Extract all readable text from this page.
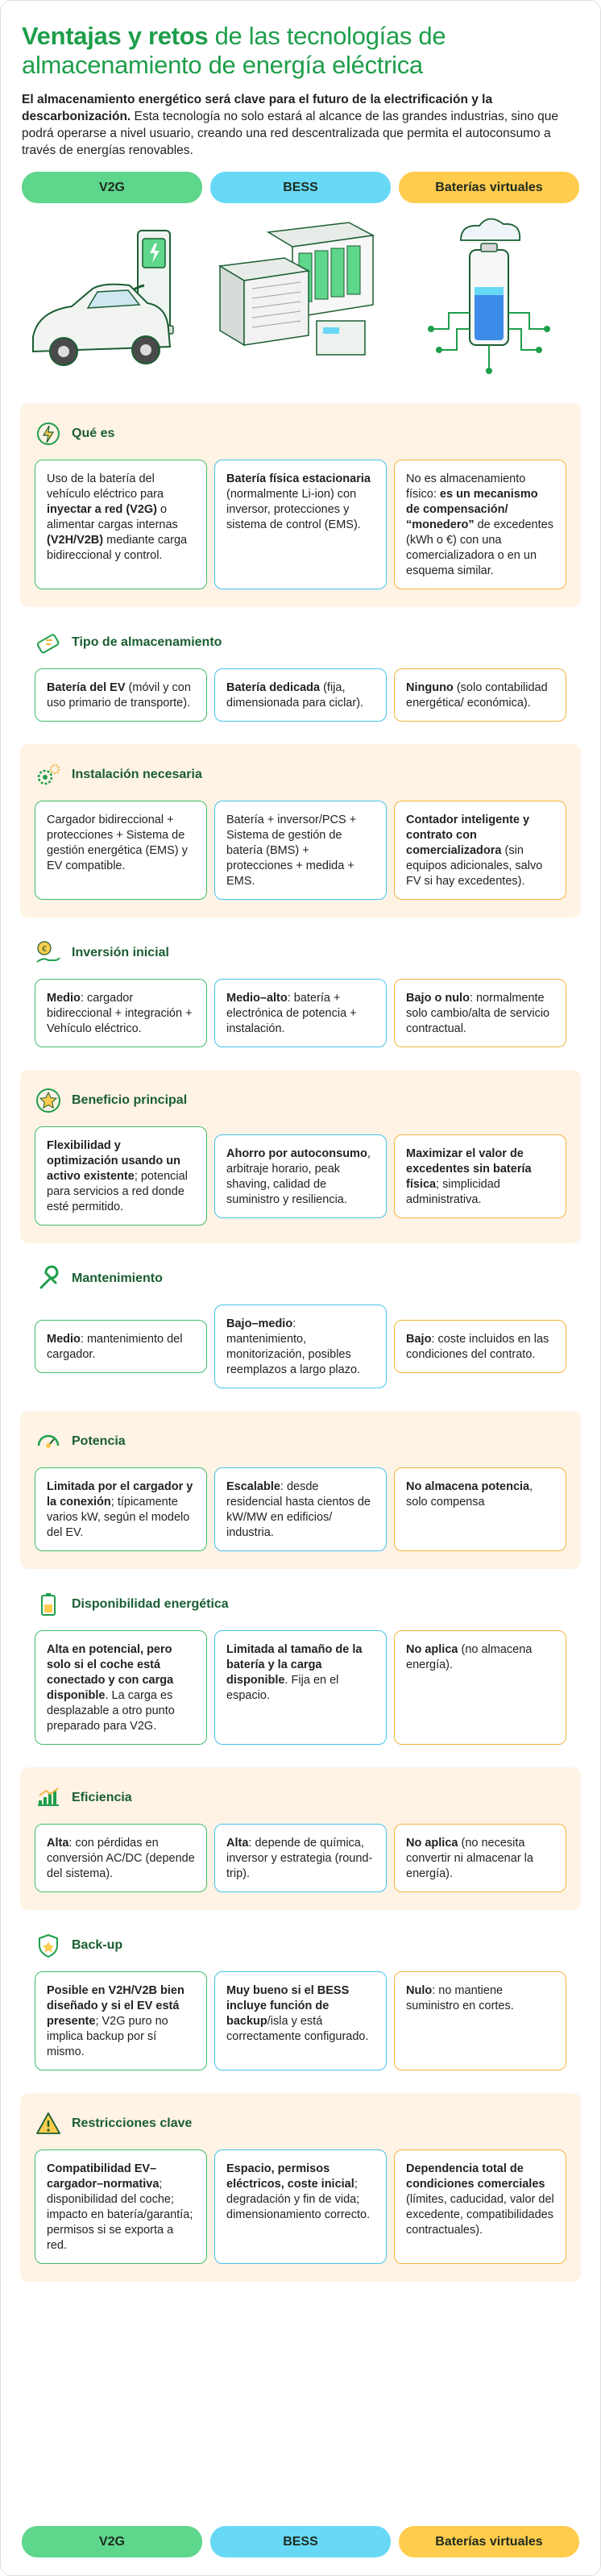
Ventajas y retos de las tecnologías de almacenamiento de energía eléctrica

El almacenamiento energético será clave para el futuro de la electrificación y la descarbonización. Esta tecnología no solo estará al alcance de las grandes industrias, sino que podrá operarse a nivel usuario, creando una red descentralizada que permita el autoconsumo a través de energías renovables.

V2G	BESS	Baterías virtuales
Qué es
Uso de la batería del vehículo eléctrico para inyectar a red (V2G) o alimentar cargas internas (V2H/V2B) mediante carga bidireccional y control.
Batería física estacionaria (normalmente Li-ion) con inversor, protecciones y sistema de control (EMS).
No es almacenamiento físico: es un mecanismo de compensación/ “monedero” de excedentes (kWh o €) con una comercializadora o en un esquema similar.
Tipo de almacenamiento
Batería del EV (móvil y con uso primario de transporte).
Batería dedicada (fija, dimensionada para ciclar).
Ninguno (solo contabilidad energética/ económica).
Instalación necesaria
Cargador bidireccional + protecciones + Sistema de gestión energética (EMS) y EV compatible.
Batería + inversor/PCS + Sistema de gestión de batería (BMS) + protecciones + medida + EMS.
Contador inteligente y contrato con comercializadora (sin equipos adicionales, salvo FV si hay excedentes).
€ Inversión inicial
Medio: cargador bidireccional + integración + Vehículo eléctrico.
Medio–alto: batería + electrónica de potencia + instalación.
Bajo o nulo: normalmente solo cambio/alta de servicio contractual.
Beneficio principal
Flexibilidad y optimización usando un activo existente; potencial para servicios a red donde esté permitido.
Ahorro por autoconsumo, arbitraje horario, peak shaving, calidad de suministro y resiliencia.
Maximizar el valor de excedentes sin batería física; simplicidad administrativa.
Mantenimiento
Medio: mantenimiento del cargador.
Bajo–medio: mantenimiento, monitorización, posibles reemplazos a largo plazo.
Bajo: coste incluidos en las condiciones del contrato.
Potencia
Limitada por el cargador y la conexión; típicamente varios kW, según el modelo del EV.
Escalable: desde residencial hasta cientos de kW/MW en edificios/ industria.
No almacena potencia, solo compensa
Disponibilidad energética
Alta en potencial, pero solo si el coche está conectado y con carga disponible. La carga es desplazable a otro punto preparado para V2G.
Limitada al tamaño de la batería y la carga disponible. Fija en el espacio.
No aplica (no almacena energía).
Eficiencia
Alta: con pérdidas en conversión AC/DC (depende del sistema).
Alta: depende de química, inversor y estrategia (round-trip).
No aplica (no necesita convertir ni almacenar la energía).
Back-up
Posible en V2H/V2B bien diseñado y si el EV está presente; V2G puro no implica backup por sí mismo.
Muy bueno si el BESS incluye función de backup/isla y está correctamente configurado.
Nulo: no mantiene suministro en cortes.
Restricciones clave
Compatibilidad EV–cargador–normativa; disponibilidad del coche; impacto en batería/garantía; permisos si se exporta a red.
Espacio, permisos eléctricos, coste inicial; degradación y fin de vida; dimensionamiento correcto.
Dependencia total de condiciones comerciales (límites, caducidad, valor del excedente, compatibilidades contractuales).
V2G	BESS	Baterías virtuales
